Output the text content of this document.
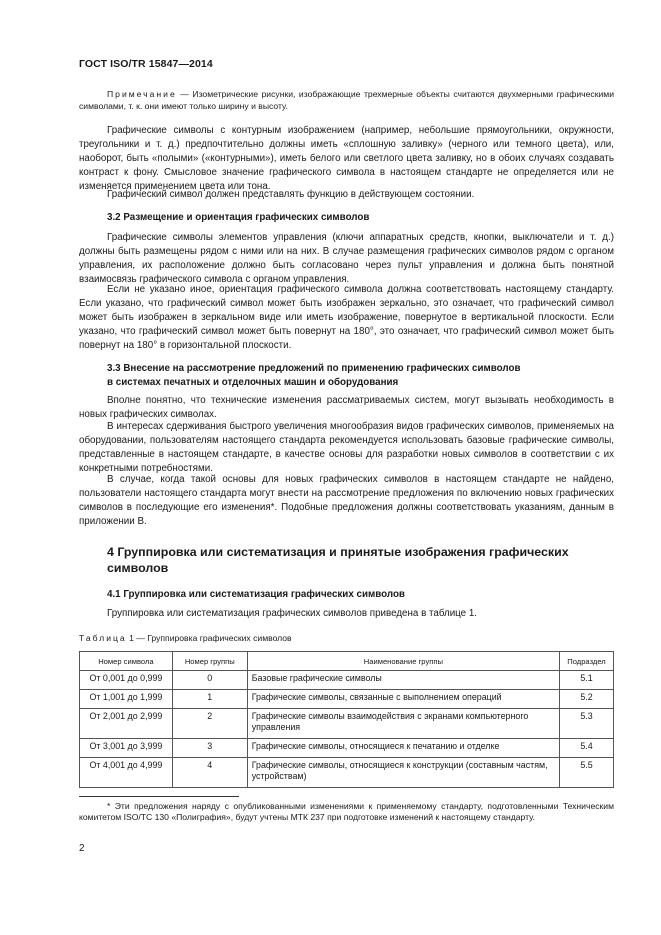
ГОСТ ISO/TR 15847—2014
Примечание — Изометрические рисунки, изображающие трехмерные объекты считаются двухмерными графическими символами, т. к. они имеют только ширину и высоту.
Графические символы с контурным изображением (например, небольшие прямоугольники, окружности, треугольники и т. д.) предпочтительно должны иметь «сплошную заливку» (черного или темного цвета), или, наоборот, быть «полыми» («контурными»), иметь белого или светлого цвета заливку, но в обоих случаях создавать контраст к фону. Смысловое значение графического символа в настоящем стандарте не определяется или не изменяется применением цвета или тона.
Графический символ должен представлять функцию в действующем состоянии.
3.2 Размещение и ориентация графических символов
Графические символы элементов управления (ключи аппаратных средств, кнопки, выключатели и т. д.) должны быть размещены рядом с ними или на них. В случае размещения графических символов рядом с органом управления, их расположение должно быть согласовано через пульт управления и должна быть понятной взаимосвязь графического символа с органом управления.
Если не указано иное, ориентация графического символа должна соответствовать настоящему стандарту. Если указано, что графический символ может быть изображен зеркально, это означает, что графический символ может быть изображен в зеркальном виде или иметь изображение, повернутое в вертикальной плоскости. Если указано, что графический символ может быть повернут на 180°, это означает, что графический символ может быть повернут на 180° в горизонтальной плоскости.
3.3 Внесение на рассмотрение предложений по применению графических символов
в системах печатных и отделочных машин и оборудования
Вполне понятно, что технические изменения рассматриваемых систем, могут вызывать необходимость в новых графических символах.
В интересах сдерживания быстрого увеличения многообразия видов графических символов, применяемых на оборудовании, пользователям настоящего стандарта рекомендуется использовать базовые графические символы, представленные в настоящем стандарте, в качестве основы для разработки новых символов в соответствии с их конкретными потребностями.
В случае, когда такой основы для новых графических символов в настоящем стандарте не найдено, пользователи настоящего стандарта могут внести на рассмотрение предложения по включению новых графических символов в последующие его изменения*. Подобные предложения должны соответствовать указаниям, данным в приложении В.
4 Группировка или систематизация и принятые изображения графических
символов
4.1 Группировка или систематизация графических символов
Группировка или систематизация графических символов приведена в таблице 1.
Таблица 1 — Группировка графических символов
Номер символа	Номер группы	Наименование группы	Подраздел
От 0,001 до 0,999	0	Базовые графические символы	5.1
От 1,001 до 1,999	1	Графические символы, связанные с выполнением операций	5.2
От 2,001 до 2,999	2	Графические символы взаимодействия с экранами компьютерного управления	5.3
От 3,001 до 3,999	3	Графические символы, относящиеся к печатанию и отделке	5.4
От 4,001 до 4,999	4	Графические символы, относящиеся к конструкции (составным частям, устройствам)	5.5
* Эти предложения наряду с опубликованными изменениями к применяемому стандарту, подготовленными Техническим комитетом ISO/TC 130 «Полиграфия», будут учтены МТК 237 при подготовке изменений к настоящему стандарту.
2
